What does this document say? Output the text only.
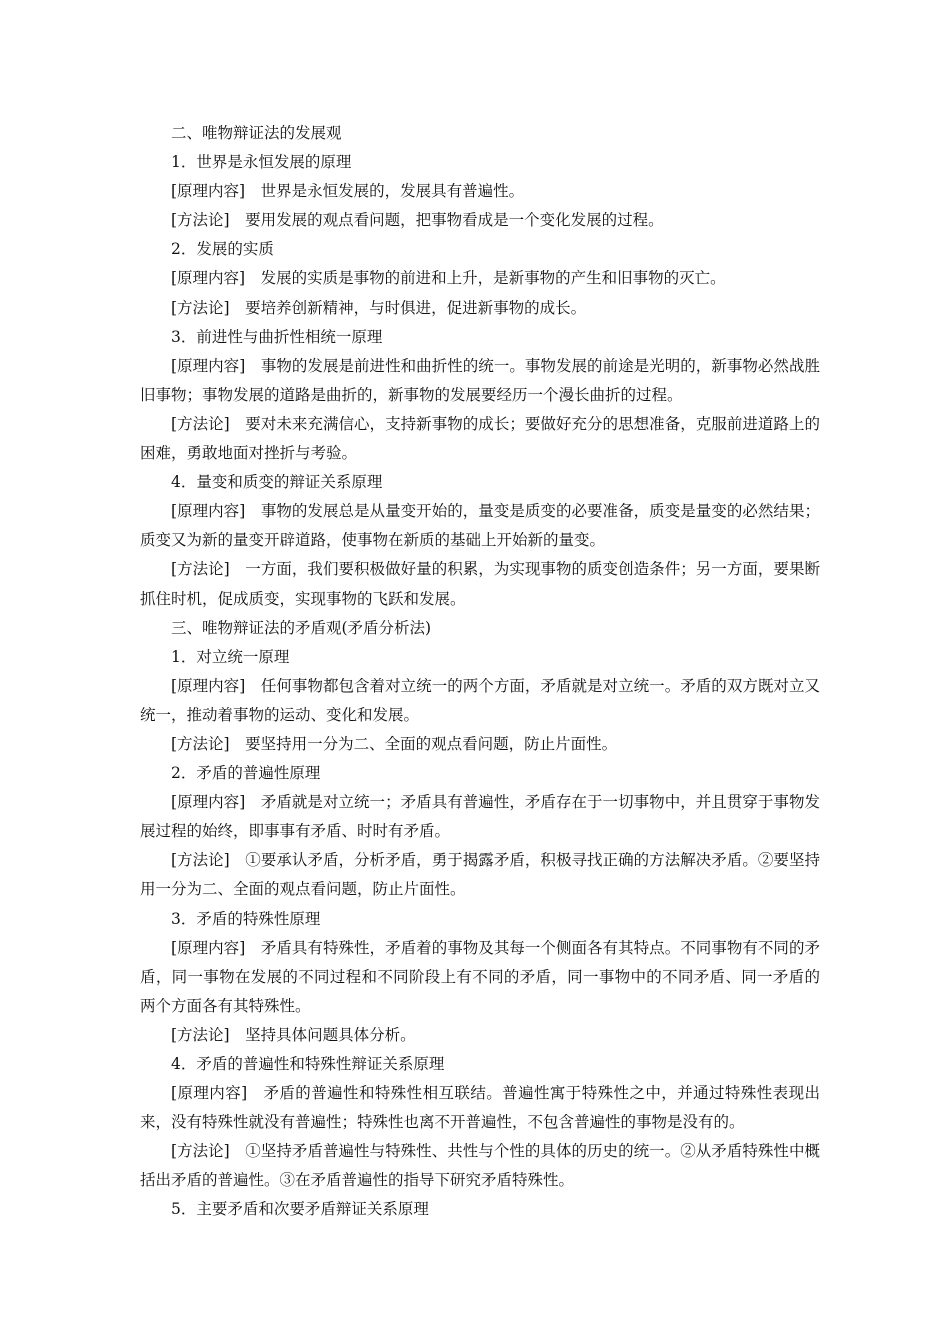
二、唯物辩证法的发展观

1．世界是永恒发展的原理

[原理内容]　世界是永恒发展的，发展具有普遍性。

[方法论]　要用发展的观点看问题，把事物看成是一个变化发展的过程。

2．发展的实质

[原理内容]　发展的实质是事物的前进和上升，是新事物的产生和旧事物的灭亡。

[方法论]　要培养创新精神，与时俱进，促进新事物的成长。

3．前进性与曲折性相统一原理

[原理内容]　事物的发展是前进性和曲折性的统一。事物发展的前途是光明的，新事物必然战胜旧事物；事物发展的道路是曲折的，新事物的发展要经历一个漫长曲折的过程。

[方法论]　要对未来充满信心，支持新事物的成长；要做好充分的思想准备，克服前进道路上的困难，勇敢地面对挫折与考验。

4．量变和质变的辩证关系原理

[原理内容]　事物的发展总是从量变开始的，量变是质变的必要准备，质变是量变的必然结果；质变又为新的量变开辟道路，使事物在新质的基础上开始新的量变。

[方法论]　一方面，我们要积极做好量的积累，为实现事物的质变创造条件；另一方面，要果断抓住时机，促成质变，实现事物的飞跃和发展。

三、唯物辩证法的矛盾观(矛盾分析法)

1．对立统一原理

[原理内容]　任何事物都包含着对立统一的两个方面，矛盾就是对立统一。矛盾的双方既对立又统一，推动着事物的运动、变化和发展。

[方法论]　要坚持用一分为二、全面的观点看问题，防止片面性。

2．矛盾的普遍性原理

[原理内容]　矛盾就是对立统一；矛盾具有普遍性，矛盾存在于一切事物中，并且贯穿于事物发展过程的始终，即事事有矛盾、时时有矛盾。

[方法论]　①要承认矛盾，分析矛盾，勇于揭露矛盾，积极寻找正确的方法解决矛盾。②要坚持用一分为二、全面的观点看问题，防止片面性。

3．矛盾的特殊性原理

[原理内容]　矛盾具有特殊性，矛盾着的事物及其每一个侧面各有其特点。不同事物有不同的矛盾，同一事物在发展的不同过程和不同阶段上有不同的矛盾，同一事物中的不同矛盾、同一矛盾的两个方面各有其特殊性。

[方法论]　坚持具体问题具体分析。

4．矛盾的普遍性和特殊性辩证关系原理

[原理内容]　矛盾的普遍性和特殊性相互联结。普遍性寓于特殊性之中，并通过特殊性表现出来，没有特殊性就没有普遍性；特殊性也离不开普遍性，不包含普遍性的事物是没有的。

[方法论]　①坚持矛盾普遍性与特殊性、共性与个性的具体的历史的统一。②从矛盾特殊性中概括出矛盾的普遍性。③在矛盾普遍性的指导下研究矛盾特殊性。

5．主要矛盾和次要矛盾辩证关系原理
